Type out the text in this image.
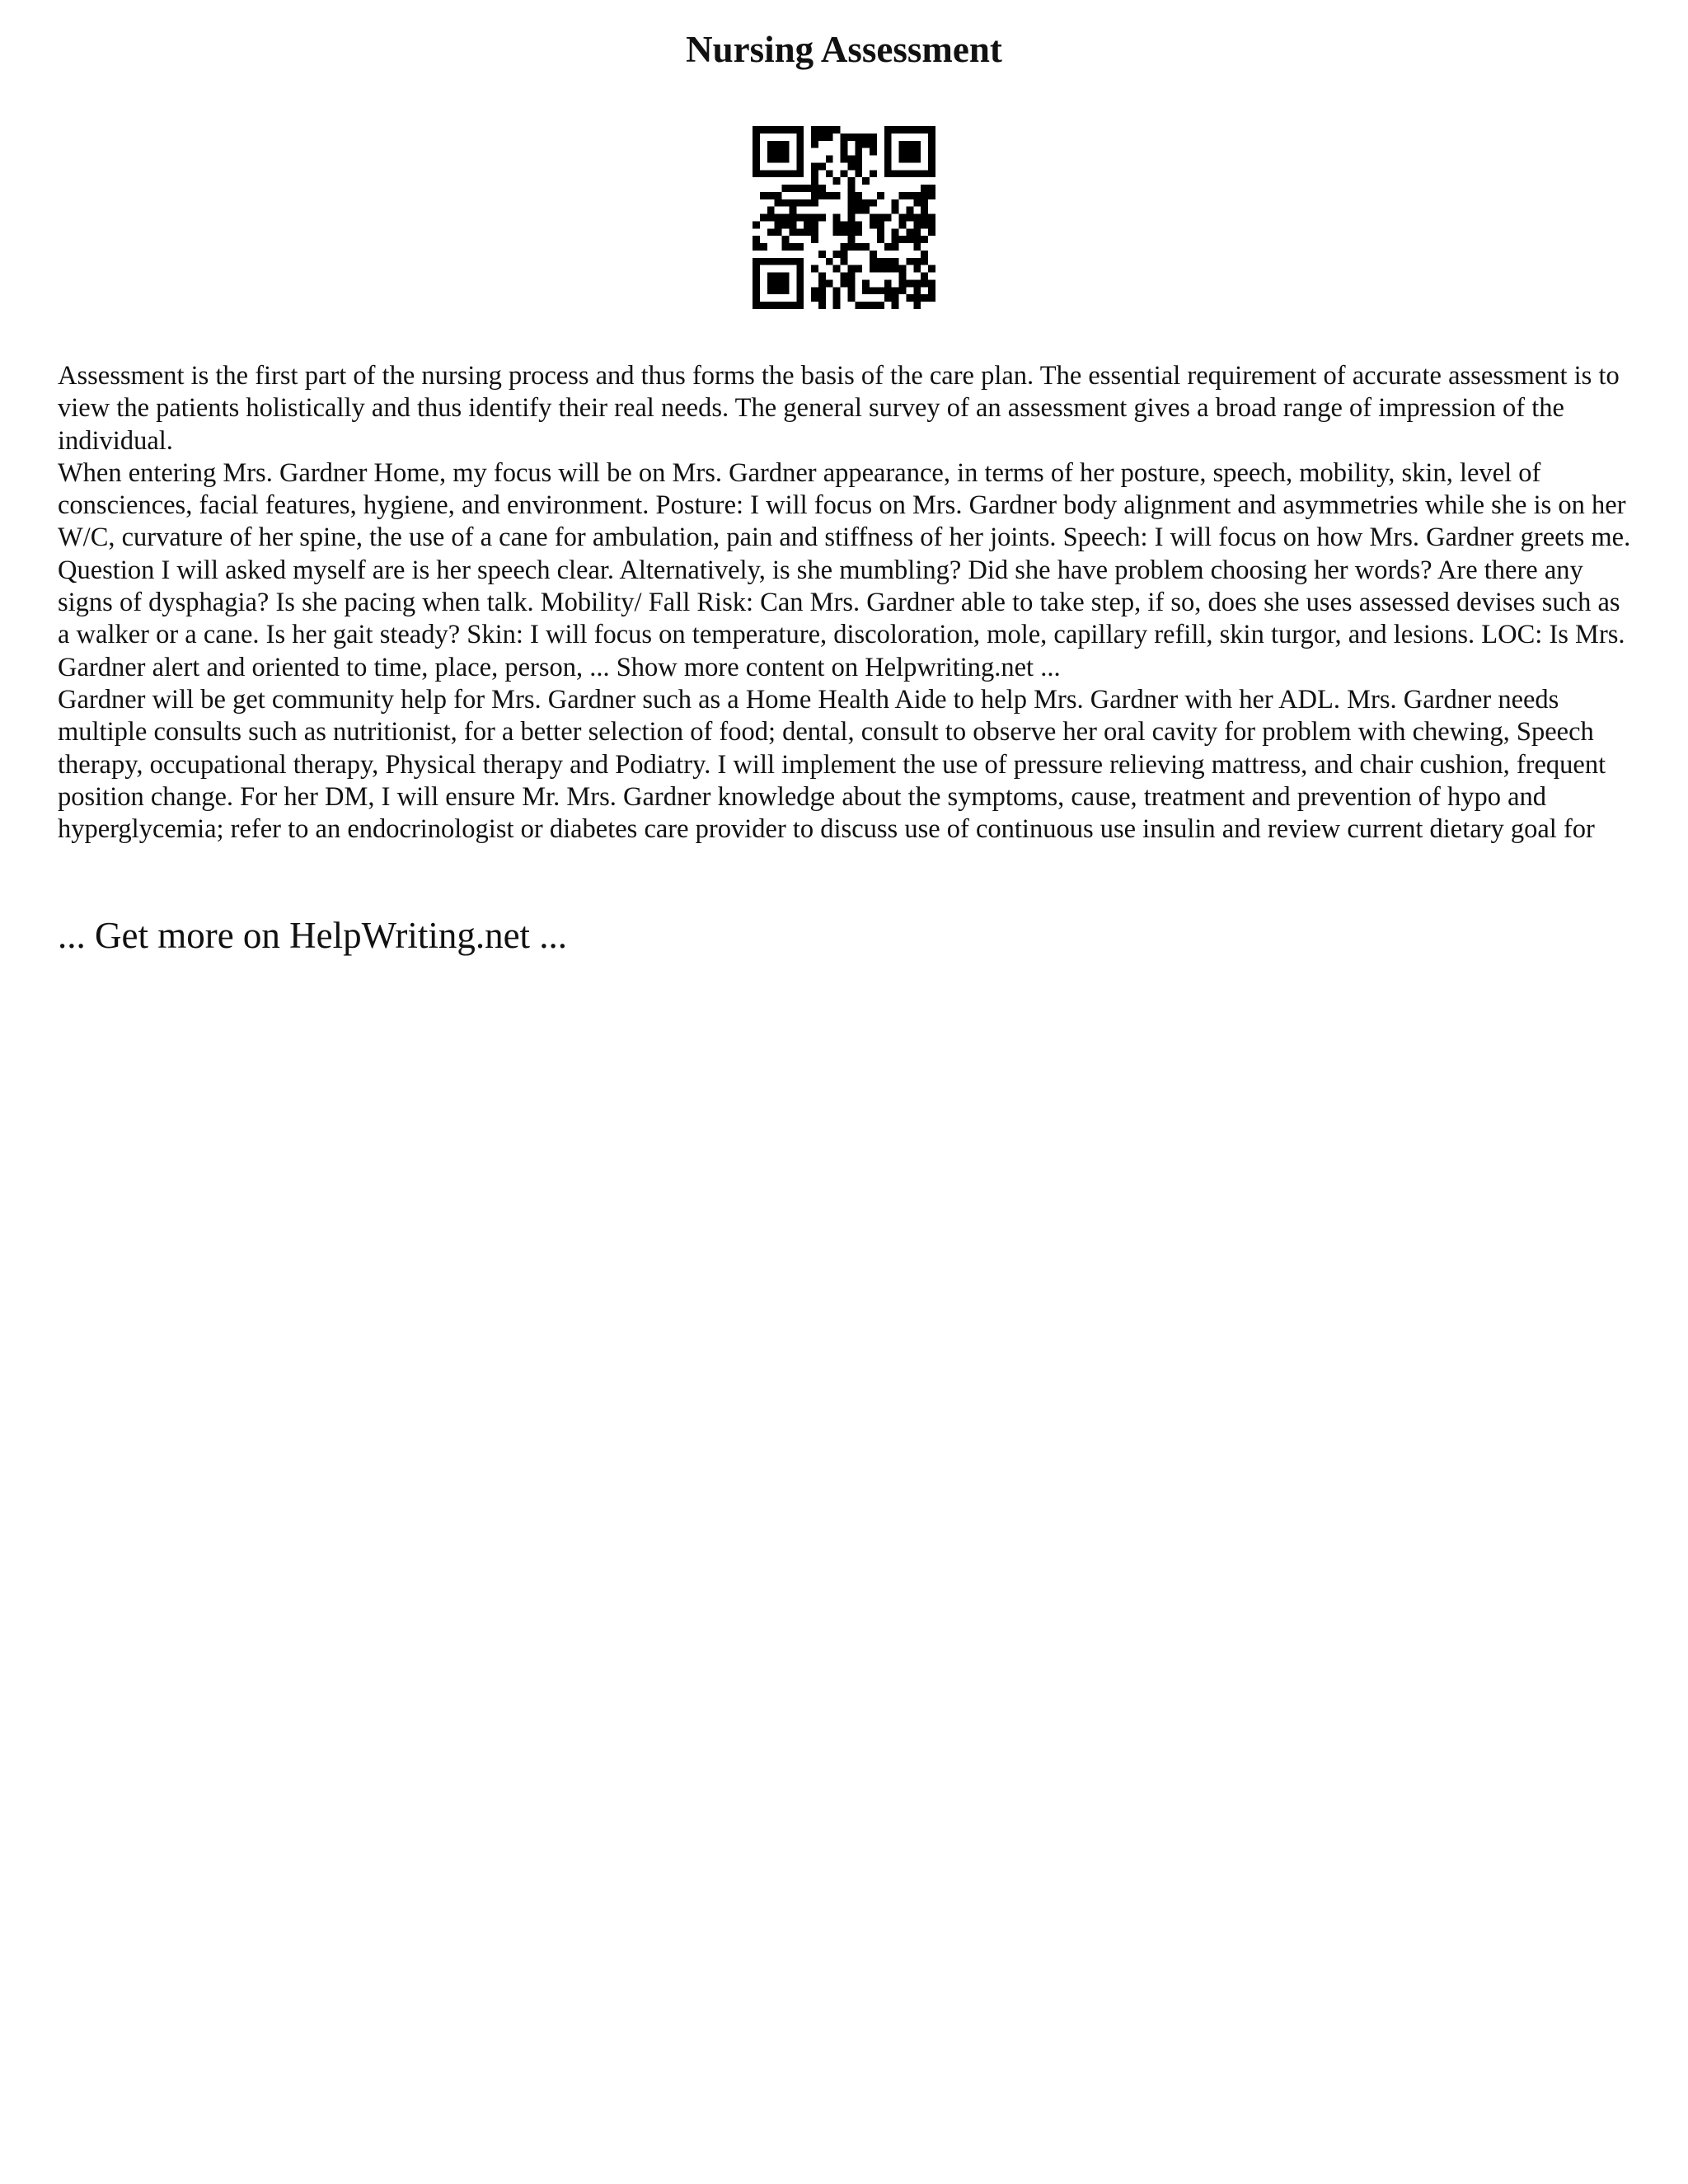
Nursing Assessment

Assessment is the first part of the nursing process and thus forms the basis of the care plan. The essential requirement of accurate assessment is to view the patients holistically and thus identify their real needs. The general survey of an assessment gives a broad range of impression of the individual.

When entering Mrs. Gardner Home, my focus will be on Mrs. Gardner appearance, in terms of her posture, speech, mobility, skin, level of consciences, facial features, hygiene, and environment. Posture: I will focus on Mrs. Gardner body alignment and asymmetries while she is on her W/C, curvature of her spine, the use of a cane for ambulation, pain and stiffness of her joints. Speech: I will focus on how Mrs. Gardner greets me. Question I will asked myself are is her speech clear. Alternatively, is she mumbling? Did she have problem choosing her words? Are there any signs of dysphagia? Is she pacing when talk. Mobility/ Fall Risk: Can Mrs. Gardner able to take step, if so, does she uses assessed devises such as a walker or a cane. Is her gait steady? Skin: I will focus on temperature, discoloration, mole, capillary refill, skin turgor, and lesions. LOC: Is Mrs. Gardner alert and oriented to time, place, person, ... Show more content on Helpwriting.net ...

Gardner will be get community help for Mrs. Gardner such as a Home Health Aide to help Mrs. Gardner with her ADL. Mrs. Gardner needs multiple consults such as nutritionist, for a better selection of food; dental, consult to observe her oral cavity for problem with chewing, Speech therapy, occupational therapy, Physical therapy and Podiatry. I will implement the use of pressure relieving mattress, and chair cushion, frequent position change. For her DM, I will ensure Mr. Mrs. Gardner knowledge about the symptoms, cause, treatment and prevention of hypo and hyperglycemia; refer to an endocrinologist or diabetes care provider to discuss use of continuous use insulin and review current dietary goal for

... Get more on HelpWriting.net ...
